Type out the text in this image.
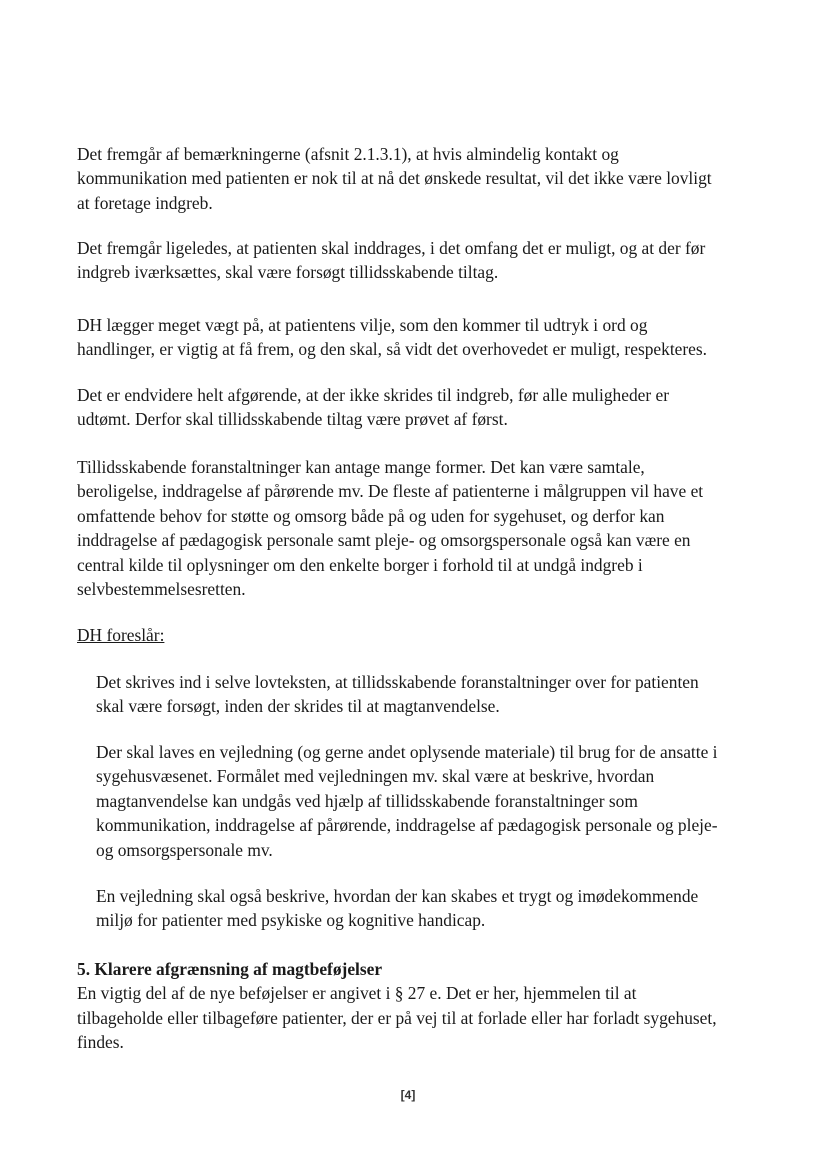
Det fremgår af bemærkningerne (afsnit 2.1.3.1), at hvis almindelig kontakt og
kommunikation med patienten er nok til at nå det ønskede resultat, vil det ikke være lovligt
at foretage indgreb.
Det fremgår ligeledes, at patienten skal inddrages, i det omfang det er muligt, og at der før
indgreb iværksættes, skal være forsøgt tillidsskabende tiltag.
DH lægger meget vægt på, at patientens vilje, som den kommer til udtryk i ord og
handlinger, er vigtig at få frem, og den skal, så vidt det overhovedet er muligt, respekteres.
Det er endvidere helt afgørende, at der ikke skrides til indgreb, før alle muligheder er
udtømt. Derfor skal tillidsskabende tiltag være prøvet af først.
Tillidsskabende foranstaltninger kan antage mange former. Det kan være samtale,
beroligelse, inddragelse af pårørende mv. De fleste af patienterne i målgruppen vil have et
omfattende behov for støtte og omsorg både på og uden for sygehuset, og derfor kan
inddragelse af pædagogisk personale samt pleje- og omsorgspersonale også kan være en
central kilde til oplysninger om den enkelte borger i forhold til at undgå indgreb i
selvbestemmelsesretten.
DH foreslår:
Det skrives ind i selve lovteksten, at tillidsskabende foranstaltninger over for patienten
skal være forsøgt, inden der skrides til at magtanvendelse.
Der skal laves en vejledning (og gerne andet oplysende materiale) til brug for de ansatte i
sygehusvæsenet. Formålet med vejledningen mv. skal være at beskrive, hvordan
magtanvendelse kan undgås ved hjælp af tillidsskabende foranstaltninger som
kommunikation, inddragelse af pårørende, inddragelse af pædagogisk personale og pleje-
og omsorgspersonale mv.
En vejledning skal også beskrive, hvordan der kan skabes et trygt og imødekommende
miljø for patienter med psykiske og kognitive handicap.
5. Klarere afgrænsning af magtbeføjelser
En vigtig del af de nye beføjelser er angivet i § 27 e. Det er her, hjemmelen til at
tilbageholde eller tilbageføre patienter, der er på vej til at forlade eller har forladt sygehuset,
findes.
[4]
